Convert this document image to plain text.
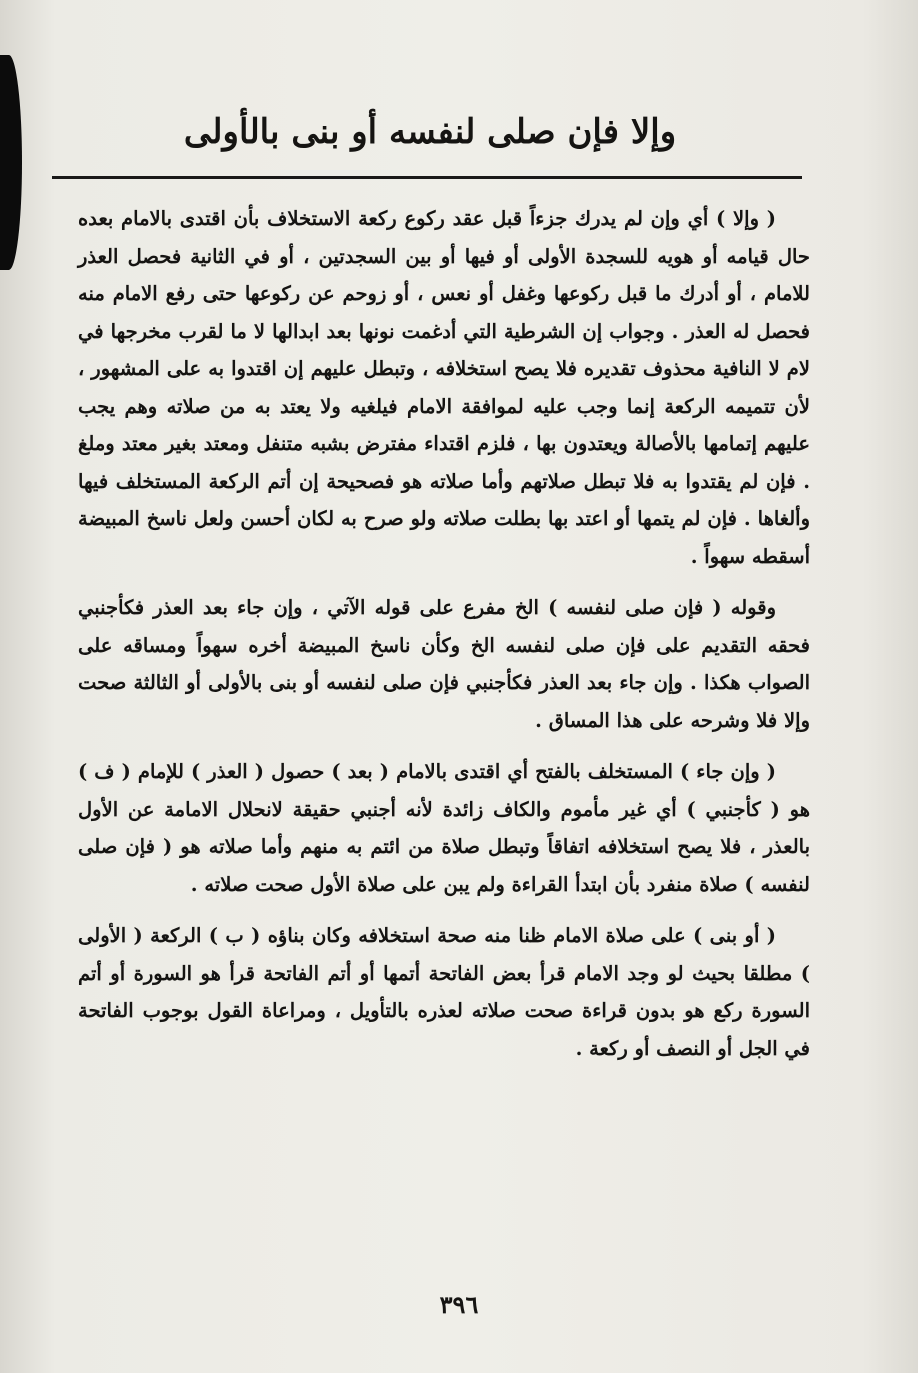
وإلا فإن صلى لنفسه أو بنى بالأولى

( وإلا ) أي وإن لم يدرك جزءاً قبل عقد ركوع ركعة الاستخلاف بأن اقتدى بالامام بعده حال قيامه أو هويه للسجدة الأولى أو فيها أو بين السجدتين ، أو في الثانية فحصل العذر للامام ، أو أدرك ما قبل ركوعها وغفل أو نعس ، أو زوحم عن ركوعها حتى رفع الامام منه فحصل له العذر . وجواب إن الشرطية التي أدغمت نونها بعد ابدالها لا ما لقرب مخرجها في لام لا النافية محذوف تقديره فلا يصح استخلافه ، وتبطل عليهم إن اقتدوا به على المشهور ، لأن تتميمه الركعة إنما وجب عليه لموافقة الامام فيلغيه ولا يعتد به من صلاته وهم يجب عليهم إتمامها بالأصالة ويعتدون بها ، فلزم اقتداء مفترض بشبه متنفل ومعتد بغير معتد وملغ . فإن لم يقتدوا به فلا تبطل صلاتهم وأما صلاته هو فصحيحة إن أتم الركعة المستخلف فيها وألغاها . فإن لم يتمها أو اعتد بها بطلت صلاته ولو صرح به لكان أحسن ولعل ناسخ المبيضة أسقطه سهواً .

وقوله ( فإن صلى لنفسه ) الخ مفرع على قوله الآتي ، وإن جاء بعد العذر فكأجنبي فحقه التقديم على فإن صلى لنفسه الخ وكأن ناسخ المبيضة أخره سهواً ومساقه على الصواب هكذا . وإن جاء بعد العذر فكأجنبي فإن صلى لنفسه أو بنى بالأولى أو الثالثة صحت وإلا فلا وشرحه على هذا المساق .

( وإن جاء ) المستخلف بالفتح أي اقتدى بالامام ( بعد ) حصول ( العذر ) للإمام ( ف ) هو ( كأجنبي ) أي غير مأموم والكاف زائدة لأنه أجنبي حقيقة لانحلال الامامة عن الأول بالعذر ، فلا يصح استخلافه اتفاقاً وتبطل صلاة من ائتم به منهم وأما صلاته هو ( فإن صلى لنفسه ) صلاة منفرد بأن ابتدأ القراءة ولم يبن على صلاة الأول صحت صلاته .

( أو بنى ) على صلاة الامام ظنا منه صحة استخلافه وكان بناؤه ( ب ) الركعة ( الأولى ) مطلقا بحيث لو وجد الامام قرأ بعض الفاتحة أتمها أو أتم الفاتحة قرأ هو السورة أو أتم السورة ركع هو بدون قراءة صحت صلاته لعذره بالتأويل ، ومراعاة القول بوجوب الفاتحة في الجل أو النصف أو ركعة .

٣٩٦
